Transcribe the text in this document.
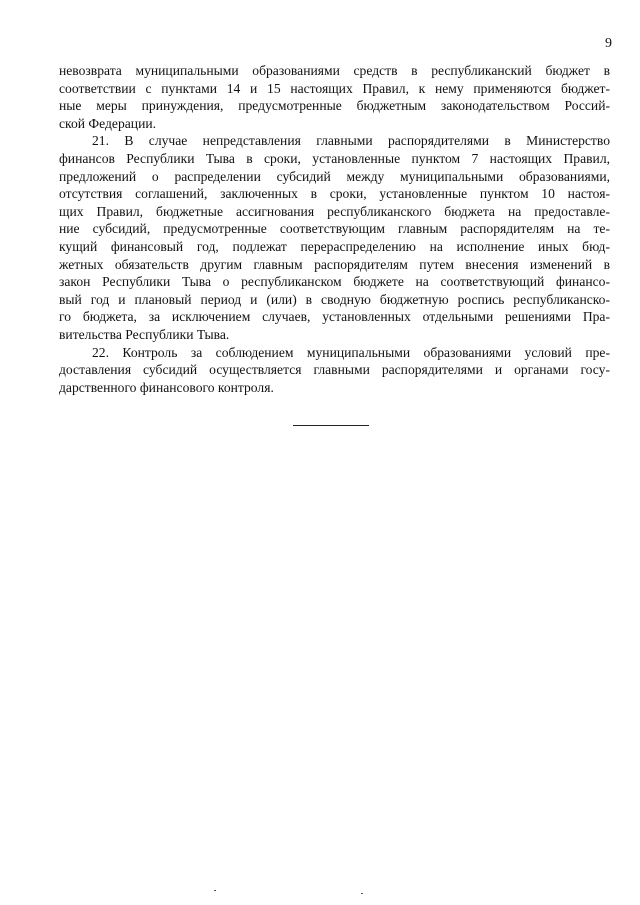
9
невозврата муниципальными образованиями средств в республиканский бюджет в
соответствии с пунктами 14 и 15 настоящих Правил, к нему применяются бюджет-
ные меры принуждения, предусмотренные бюджетным законодательством Россий-
ской Федерации.
21. В случае непредставления главными распорядителями в Министерство
финансов Республики Тыва в сроки, установленные пунктом 7 настоящих Правил,
предложений о распределении субсидий между муниципальными образованиями,
отсутствия соглашений, заключенных в сроки, установленные пунктом 10 настоя-
щих Правил, бюджетные ассигнования республиканского бюджета на предоставле-
ние субсидий, предусмотренные соответствующим главным распорядителям на те-
кущий финансовый год, подлежат перераспределению на исполнение иных бюд-
жетных обязательств другим главным распорядителям путем внесения изменений в
закон Республики Тыва о республиканском бюджете на соответствующий финансо-
вый год и плановый период и (или) в сводную бюджетную роспись республиканско-
го бюджета, за исключением случаев, установленных отдельными решениями Пра-
вительства Республики Тыва.
22. Контроль за соблюдением муниципальными образованиями условий пре-
доставления субсидий осуществляется главными распорядителями и органами госу-
дарственного финансового контроля.
